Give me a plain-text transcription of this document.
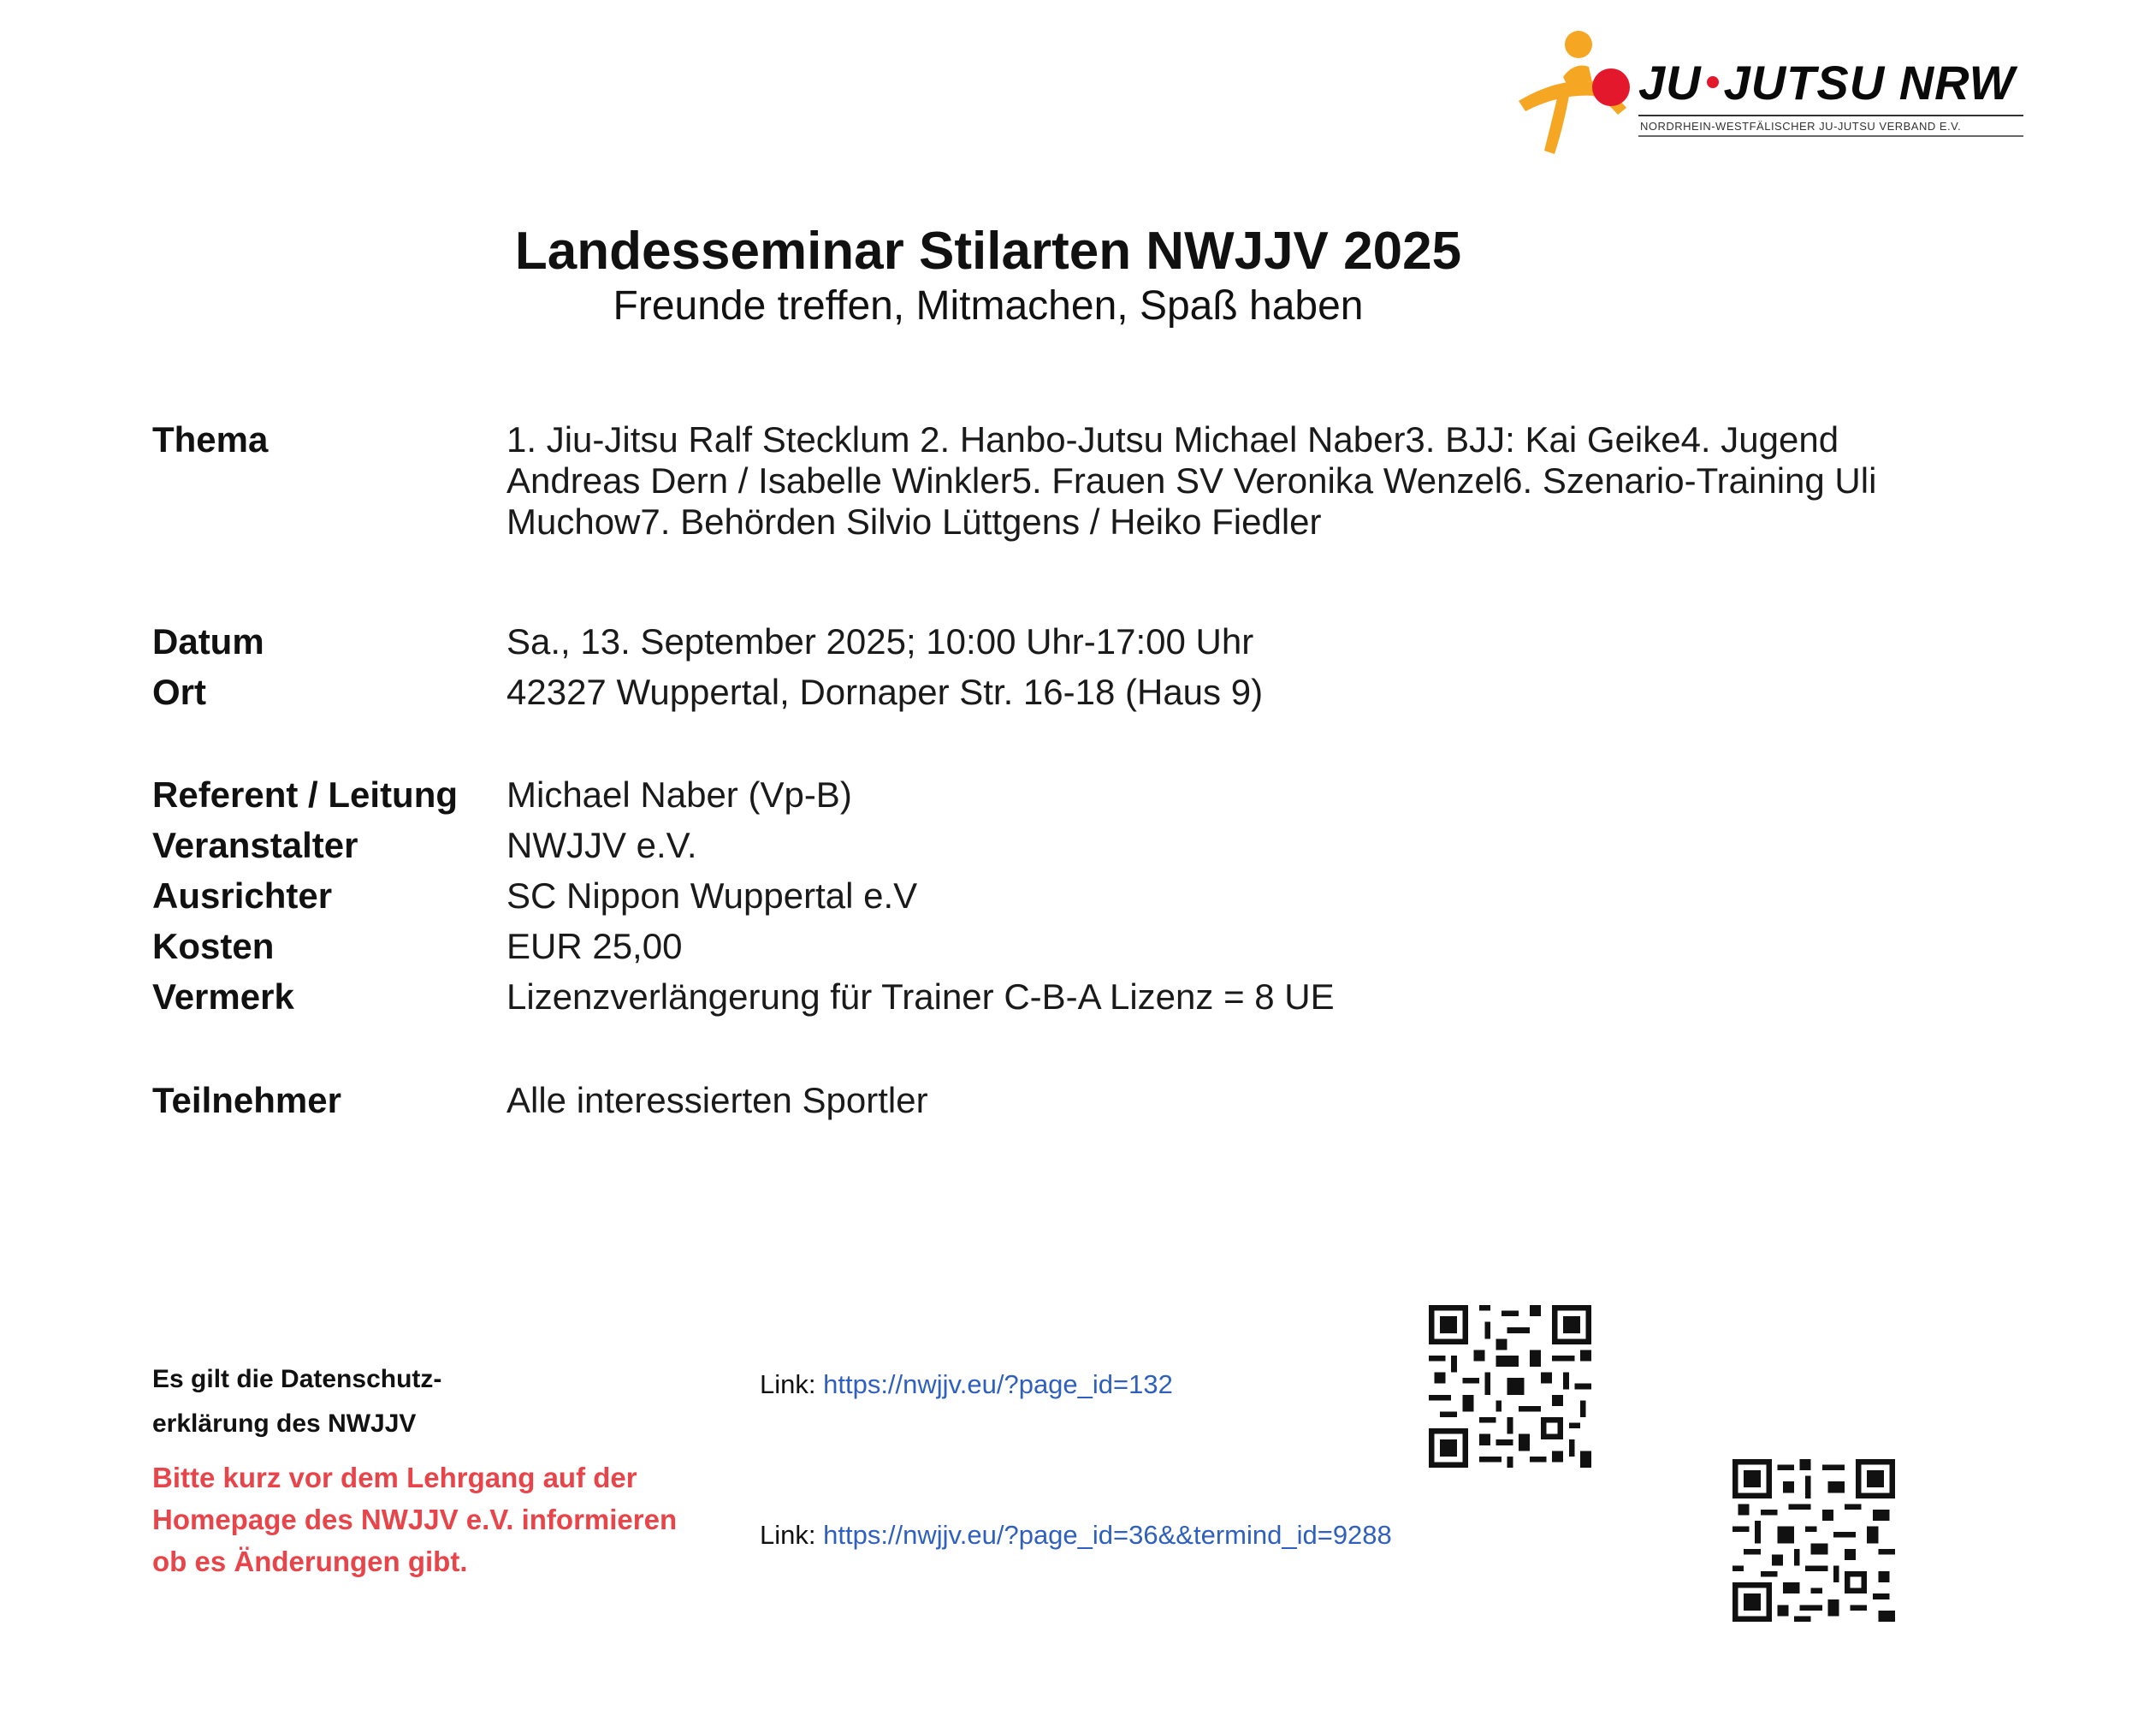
JU JUTSU NRW
NORDRHEIN-WESTFÄLISCHER JU-JUTSU VERBAND E.V.
Landesseminar Stilarten NWJJV 2025
Freunde treffen, Mitmachen, Spaß haben
Thema	1. Jiu-Jitsu Ralf Stecklum 2. Hanbo-Jutsu Michael Naber3. BJJ: Kai Geike4. Jugend Andreas Dern / Isabelle Winkler5. Frauen SV Veronika Wenzel6. Szenario-Training Uli Muchow7. Behörden Silvio Lüttgens / Heiko Fiedler
Datum	Sa., 13. September 2025; 10:00 Uhr-17:00 Uhr
Ort	42327 Wuppertal, Dornaper Str. 16-18 (Haus 9)
Referent / Leitung Michael Naber (Vp-B)
Veranstalter	NWJJV e.V.
Ausrichter	SC Nippon Wuppertal e.V
Kosten	EUR 25,00
Vermerk	Lizenzverlängerung für Trainer C-B-A Lizenz = 8 UE
Teilnehmer	Alle interessierten Sportler
Es gilt die Datenschutz-
erklärung des NWJJV
Bitte kurz vor dem Lehrgang auf der
Homepage des NWJJV e.V. informieren
ob es Änderungen gibt.
Link: https://nwjjv.eu/?page_id=132
Link: https://nwjjv.eu/?page_id=36&&termind_id=9288
